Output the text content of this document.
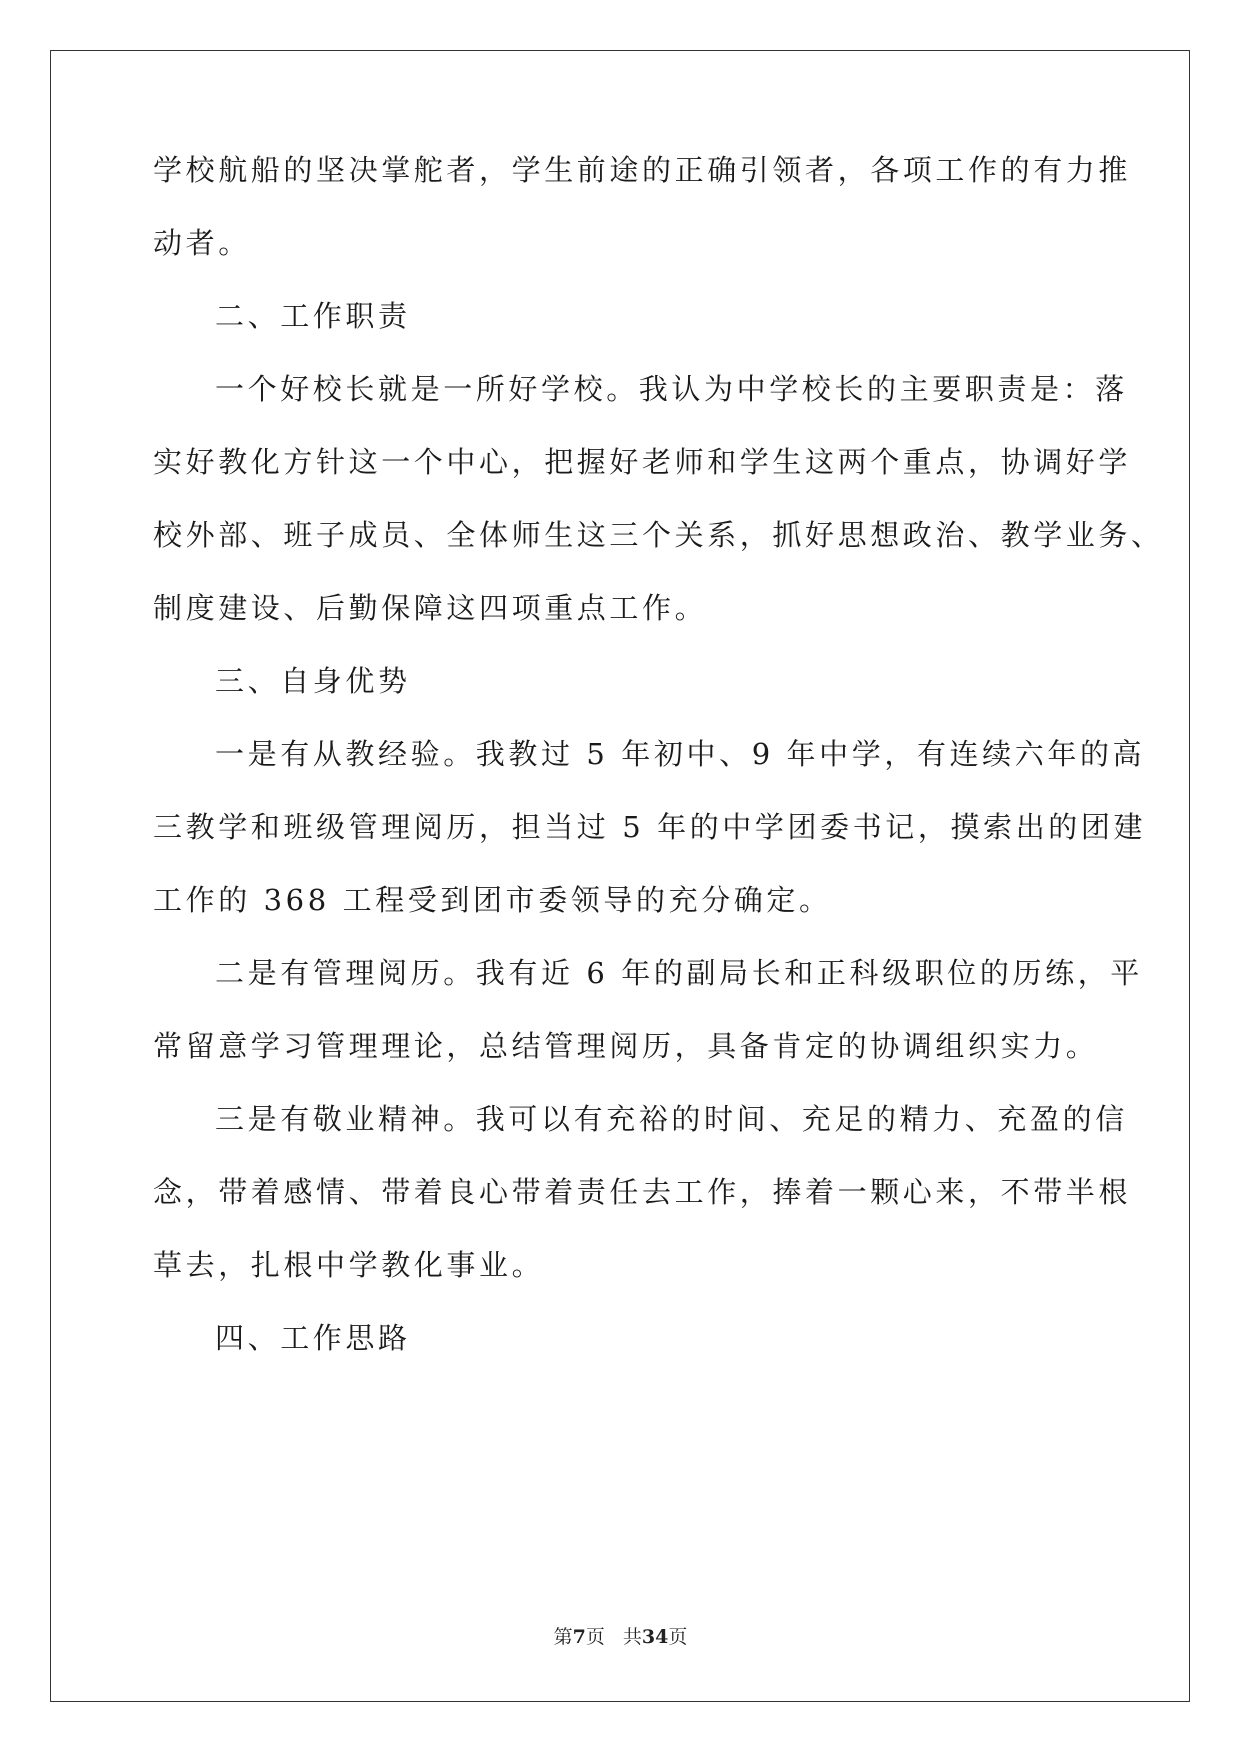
学校航船的坚决掌舵者，学生前途的正确引领者，各项工作的有力推
动者。
二、工作职责
一个好校长就是一所好学校。我认为中学校长的主要职责是：落
实好教化方针这一个中心，把握好老师和学生这两个重点，协调好学
校外部、班子成员、全体师生这三个关系，抓好思想政治、教学业务、
制度建设、后勤保障这四项重点工作。
三、自身优势
一是有从教经验。我教过 5 年初中、9 年中学，有连续六年的高
三教学和班级管理阅历，担当过 5 年的中学团委书记，摸索出的团建
工作的 368 工程受到团市委领导的充分确定。
二是有管理阅历。我有近 6 年的副局长和正科级职位的历练，平
常留意学习管理理论，总结管理阅历，具备肯定的协调组织实力。
三是有敬业精神。我可以有充裕的时间、充足的精力、充盈的信
念，带着感情、带着良心带着责任去工作，捧着一颗心来，不带半根
草去，扎根中学教化事业。
四、工作思路
第7页 共34页
